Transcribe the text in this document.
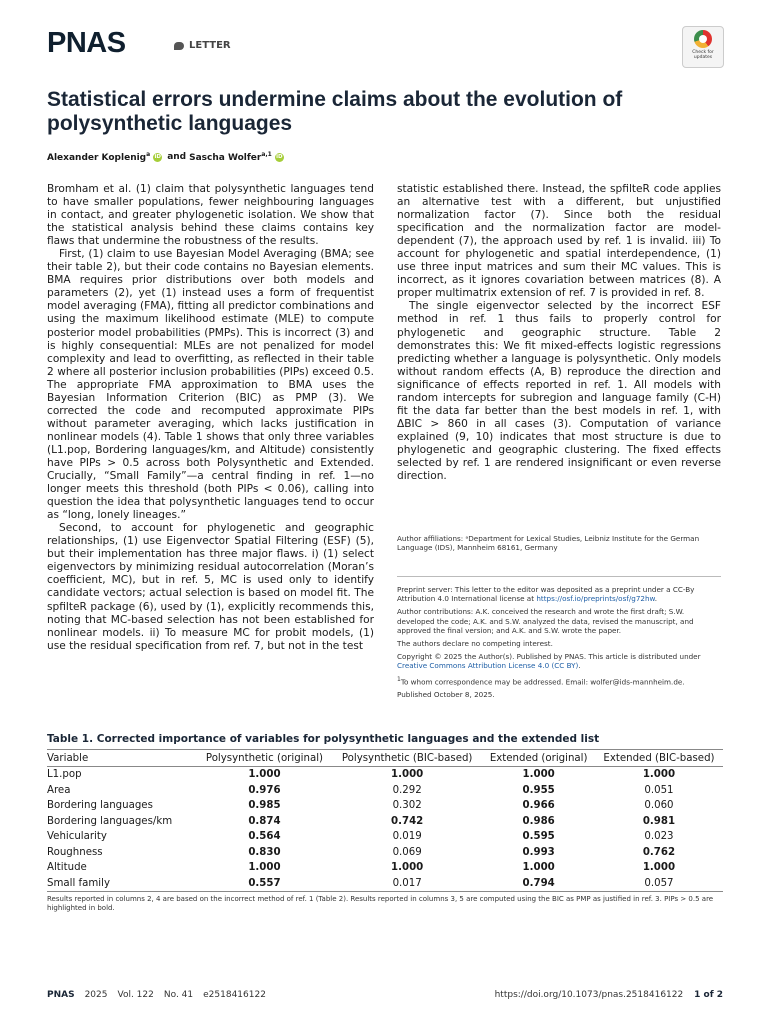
PNAS	LETTER
Check for updates
Statistical errors undermine claims about the evolution of polysynthetic languages
Alexander Koplenig$^a$ iD and Sascha Wolfer$^{a,1}$ iD

Bromham et al. (1) claim that polysynthetic languages tend to have smaller populations, fewer neighbouring languages in contact, and greater phylogenetic isolation. We show that the statistical analysis behind these claims contains key flaws that undermine the robustness of the results.

First, (1) claim to use Bayesian Model Averaging (BMA; see their table 2), but their code contains no Bayesian elements. BMA requires prior distributions over both models and parameters (2), yet (1) instead uses a form of frequentist model averaging (FMA), fitting all predictor combinations and using the maximum likelihood estimate (MLE) to compute posterior model probabilities (PMPs). This is incorrect (3) and is highly consequential: MLEs are not penalized for model complexity and lead to overfitting, as reflected in their table 2 where all posterior inclusion probabilities (PIPs) exceed 0.5. The appropriate FMA approximation to BMA uses the Bayesian Information Criterion (BIC) as PMP (3). We corrected the code and recomputed approximate PIPs without parameter averaging, which lacks justification in nonlinear models (4). Table 1 shows that only three variables (L1.pop, Bordering languages/km, and Altitude) consistently have PIPs > 0.5 across both Polysynthetic and Extended. Crucially, “Small Family”—a central finding in ref. 1—no longer meets this threshold (both PIPs < 0.06), calling into question the idea that polysynthetic languages tend to occur as “long, lonely lineages.”

Second, to account for phylogenetic and geographic relationships, (1) use Eigenvector Spatial Filtering (ESF) (5), but their implementation has three major flaws. i) (1) select eigenvectors by minimizing residual autocorrelation (Moran’s coefficient, MC), but in ref. 5, MC is used only to identify candidate vectors; actual selection is based on model fit. The spfilteR package (6), used by (1), explicitly recommends this, noting that MC-based selection has not been established for nonlinear models. ii) To measure MC for probit models, (1) use the residual specification from ref. 7, but not in the test

statistic established there. Instead, the spfilteR code applies an alternative test with a different, but unjustified normalization factor (7). Since both the residual specification and the normalization factor are model-dependent (7), the approach used by ref. 1 is invalid. iii) To account for phylogenetic and spatial interdependence, (1) use three input matrices and sum their MC values. This is incorrect, as it ignores covariation between matrices (8). A proper multimatrix extension of ref. 7 is provided in ref. 8.

The single eigenvector selected by the incorrect ESF method in ref. 1 thus fails to properly control for phylogenetic and geographic structure. Table 2 demonstrates this: We fit mixed-effects logistic regressions predicting whether a language is polysynthetic. Only models without random effects (A, B) reproduce the direction and significance of effects reported in ref. 1. All models with random intercepts for subregion and language family (C-H) fit the data far better than the best models in ref. 1, with ΔBIC > 860 in all cases (3). Computation of variance explained (9, 10) indicates that most structure is due to phylogenetic and geographic clustering. The fixed effects selected by ref. 1 are rendered insignificant or even reverse direction.

Author affiliations: ᵃDepartment for Lexical Studies, Leibniz Institute for the German Language (IDS), Mannheim 68161, Germany

Preprint server: This letter to the editor was deposited as a preprint under a CC-By Attribution 4.0 International license at https://osf.io/preprints/osf/g72hw.

Author contributions: A.K. conceived the research and wrote the first draft; S.W. developed the code; A.K. and S.W. analyzed the data, revised the manuscript, and approved the final version; and A.K. and S.W. wrote the paper.

The authors declare no competing interest.

Copyright © 2025 the Author(s). Published by PNAS. This article is distributed under Creative Commons Attribution License 4.0 (CC BY).

$^1$To whom correspondence may be addressed. Email: wolfer@ids-mannheim.de.

Published October 8, 2025.

Table 1. Corrected importance of variables for polysynthetic languages and the extended list
Variable	Polysynthetic (original)	Polysynthetic (BIC-based)	Extended (original)	Extended (BIC-based)
L1.pop	1.000	1.000	1.000	1.000
Area	0.976	0.292	0.955	0.051
Bordering languages	0.985	0.302	0.966	0.060
Bordering languages/km	0.874	0.742	0.986	0.981
Vehicularity	0.564	0.019	0.595	0.023
Roughness	0.830	0.069	0.993	0.762
Altitude	1.000	1.000	1.000	1.000
Small family	0.557	0.017	0.794	0.057
Results reported in columns 2, 4 are based on the incorrect method of ref. 1 (Table 2). Results reported in columns 3, 5 are computed using the BIC as PMP as justified in ref. 3. PIPs > 0.5 are highlighted in bold.
PNAS 2025 Vol. 122 No. 41 e2518416122	https://doi.org/10.1073/pnas.2518416122 1 of 2
